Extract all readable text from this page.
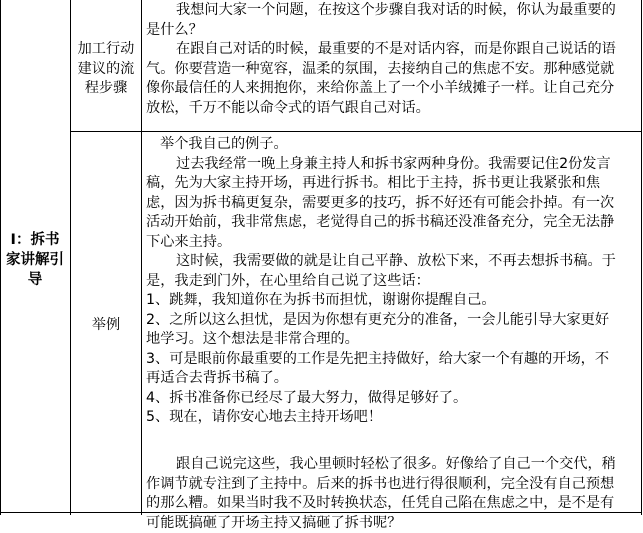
I：拆书
家讲解引
导
加工行动
建议的流
程步骤

我想问大家一个问题，在按这个步骤自我对话的时候，你认为最重要的

是什么？

在跟自己对话的时候，最重要的不是对话内容，而是你跟自己说话的语

气。你要营造一种宽容，温柔的氛围，去接纳自己的焦虑不安。那种感觉就

像你最信任的人来拥抱你，来给你盖上了一个小羊绒摊子一样。让自己充分

放松，千万不能以命令式的语气跟自己对话。

举例

举个我自己的例子。

过去我经常一晚上身兼主持人和拆书家两种身份。我需要记住2份发言

稿，先为大家主持开场，再进行拆书。相比于主持，拆书更让我紧张和焦

虑，因为拆书稿更复杂，需要更多的技巧，拆不好还有可能会扑掉。有一次

活动开始前，我非常焦虑，老觉得自己的拆书稿还没准备充分，完全无法静

下心来主持。

这时候，我需要做的就是让自己平静、放松下来，不再去想拆书稿。于

是，我走到门外，在心里给自己说了这些话：

1、跳舞，我知道你在为拆书而担忧，谢谢你提醒自己。

2、之所以这么担忧，是因为你想有更充分的准备，一会儿能引导大家更好

地学习。这个想法是非常合理的。

3、可是眼前你最重要的工作是先把主持做好，给大家一个有趣的开场，不

再适合去背拆书稿了。

4、拆书准备你已经尽了最大努力，做得足够好了。

5、现在，请你安心地去主持开场吧！

跟自己说完这些，我心里顿时轻松了很多。好像给了自己一个交代，稍

作调节就专注到了主持中。后来的拆书也进行得很顺利，完全没有自己预想

的那么糟。如果当时我不及时转换状态，任凭自己陷在焦虑之中，是不是有

可能既搞砸了开场主持又搞砸了拆书呢？
